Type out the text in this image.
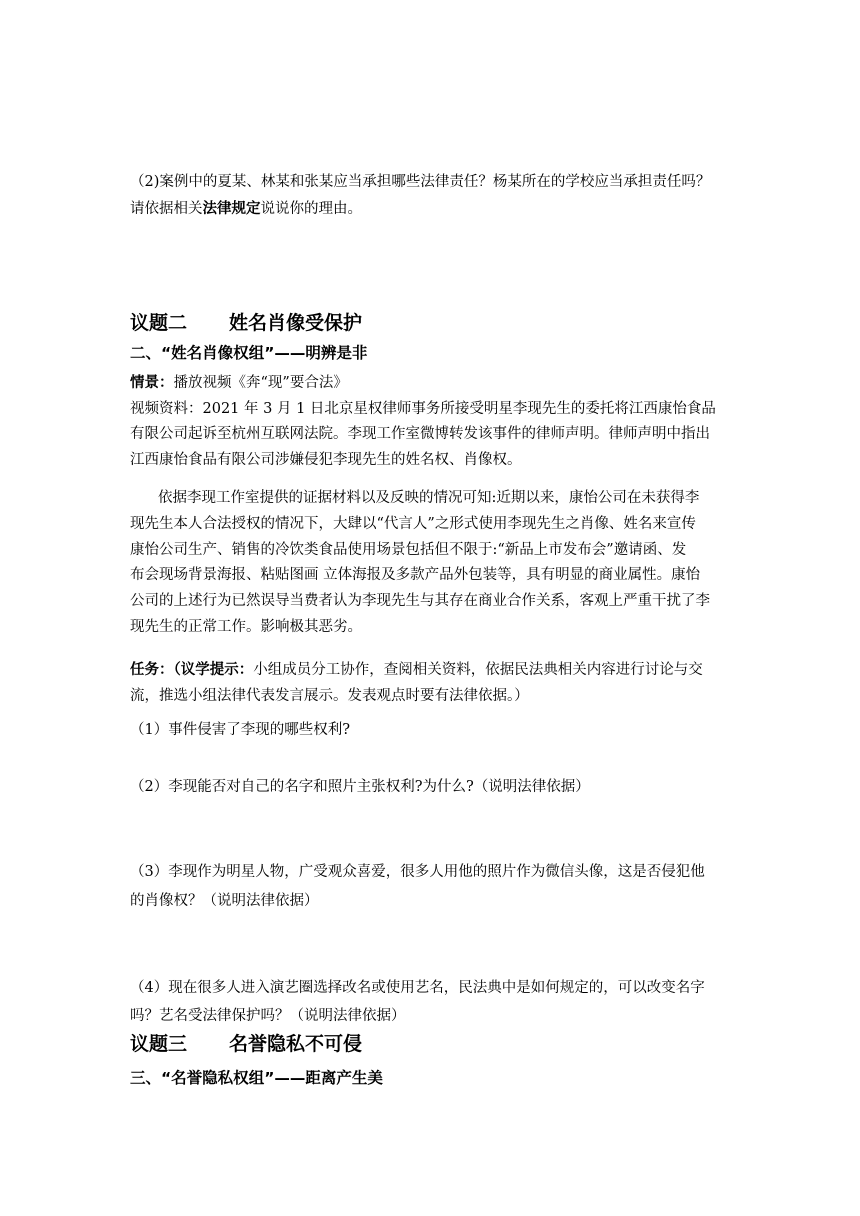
（2)案例中的夏某、林某和张某应当承担哪些法律责任？杨某所在的学校应当承担责任吗？
请依据相关法律规定说说你的理由。
议题二 姓名肖像受保护
二、“姓名肖像权组”——明辨是非
情景：播放视频《奔“现”要合法》
视频资料：2021 年 3 月 1 日北京星权律师事务所接受明星李现先生的委托将江西康怡食品
有限公司起诉至杭州互联网法院。李现工作室微博转发该事件的律师声明。律师声明中指出
江西康怡食品有限公司涉嫌侵犯李现先生的姓名权、肖像权。
依据李现工作室提供的证据材料以及反映的情况可知:近期以来，康怡公司在未获得李
现先生本人合法授权的情况下，大肆以“代言人”之形式使用李现先生之肖像、姓名来宣传
康怡公司生产、销售的冷饮类食品使用场景包括但不限于:“新品上市发布会”邀请函、发
布会现场背景海报、粘贴图画 立体海报及多款产品外包装等，具有明显的商业属性。康怡
公司的上述行为已然误导当费者认为李现先生与其存在商业合作关系，客观上严重干扰了李
现先生的正常工作。影响极其恶劣。
任务：（议学提示：小组成员分工协作，查阅相关资料，依据民法典相关内容进行讨论与交
流，推选小组法律代表发言展示。发表观点时要有法律依据。）
（1）事件侵害了李现的哪些权利?
（2）李现能否对自己的名字和照片主张权利?为什么?（说明法律依据）
（3）李现作为明星人物，广受观众喜爱，很多人用他的照片作为微信头像，这是否侵犯他
的肖像权？（说明法律依据）
（4）现在很多人进入演艺圈选择改名或使用艺名，民法典中是如何规定的，可以改变名字
吗？艺名受法律保护吗？（说明法律依据）
议题三 名誉隐私不可侵
三、“名誉隐私权组”——距离产生美
